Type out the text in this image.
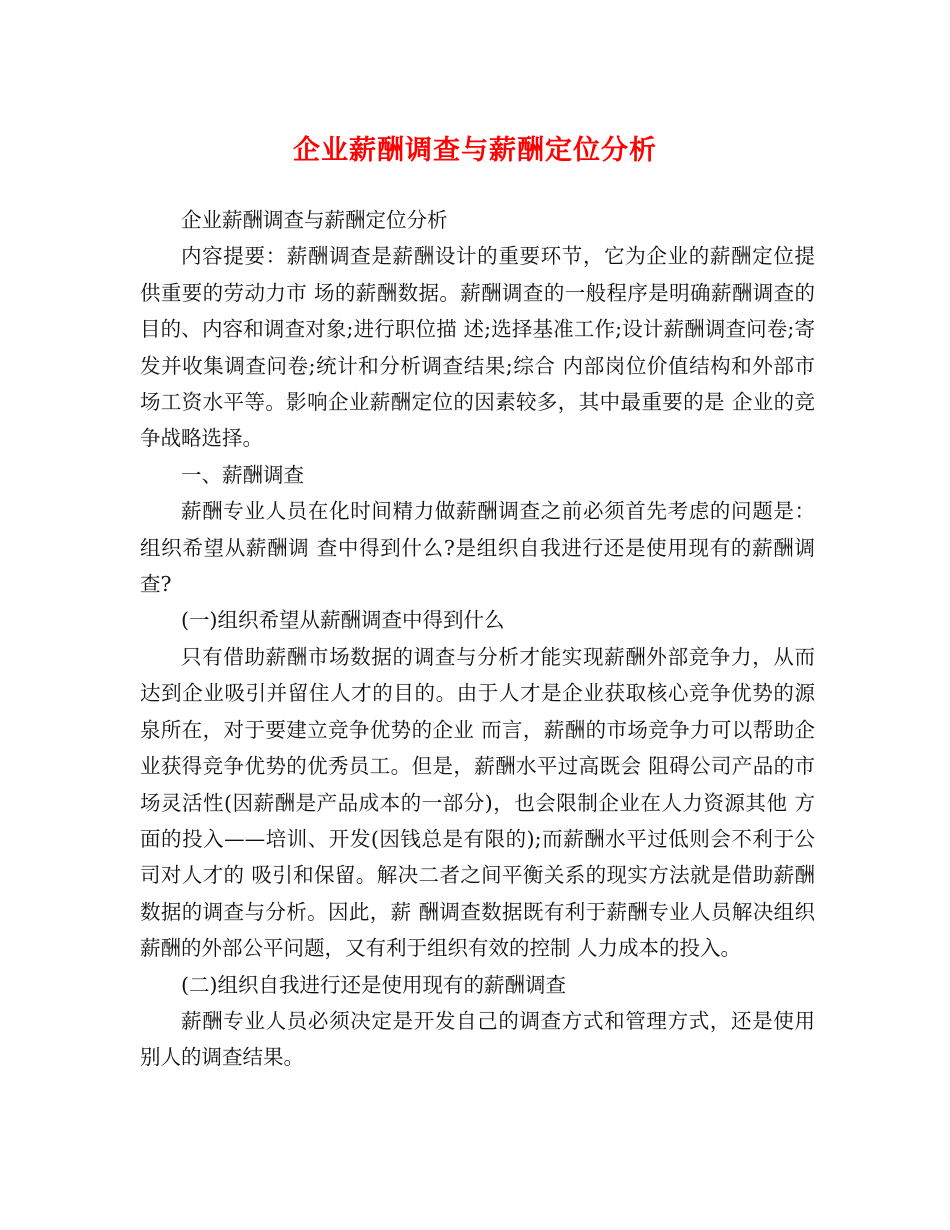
企业薪酬调查与薪酬定位分析

企业薪酬调查与薪酬定位分析

内容提要：薪酬调查是薪酬设计的重要环节，它为企业的薪酬定位提供重要的劳动力市 场的薪酬数据。薪酬调查的一般程序是明确薪酬调查的目的、内容和调查对象;进行职位描 述;选择基准工作;设计薪酬调查问卷;寄发并收集调查问卷;统计和分析调查结果;综合 内部岗位价值结构和外部市场工资水平等。影响企业薪酬定位的因素较多，其中最重要的是 企业的竞争战略选择。

一、薪酬调查

薪酬专业人员在化时间精力做薪酬调查之前必须首先考虑的问题是：组织希望从薪酬调 查中得到什么?是组织自我进行还是使用现有的薪酬调查?

(一)组织希望从薪酬调查中得到什么

只有借助薪酬市场数据的调查与分析才能实现薪酬外部竞争力，从而达到企业吸引并留住人才的目的。由于人才是企业获取核心竞争优势的源泉所在，对于要建立竞争优势的企业 而言，薪酬的市场竞争力可以帮助企业获得竞争优势的优秀员工。但是，薪酬水平过高既会 阻碍公司产品的市场灵活性(因薪酬是产品成本的一部分)，也会限制企业在人力资源其他 方面的投入——培训、开发(因钱总是有限的);而薪酬水平过低则会不利于公司对人才的 吸引和保留。解决二者之间平衡关系的现实方法就是借助薪酬数据的调查与分析。因此，薪 酬调查数据既有利于薪酬专业人员解决组织薪酬的外部公平问题，又有利于组织有效的控制 人力成本的投入。

(二)组织自我进行还是使用现有的薪酬调查

薪酬专业人员必须决定是开发自己的调查方式和管理方式，还是使用别人的调查结果。
